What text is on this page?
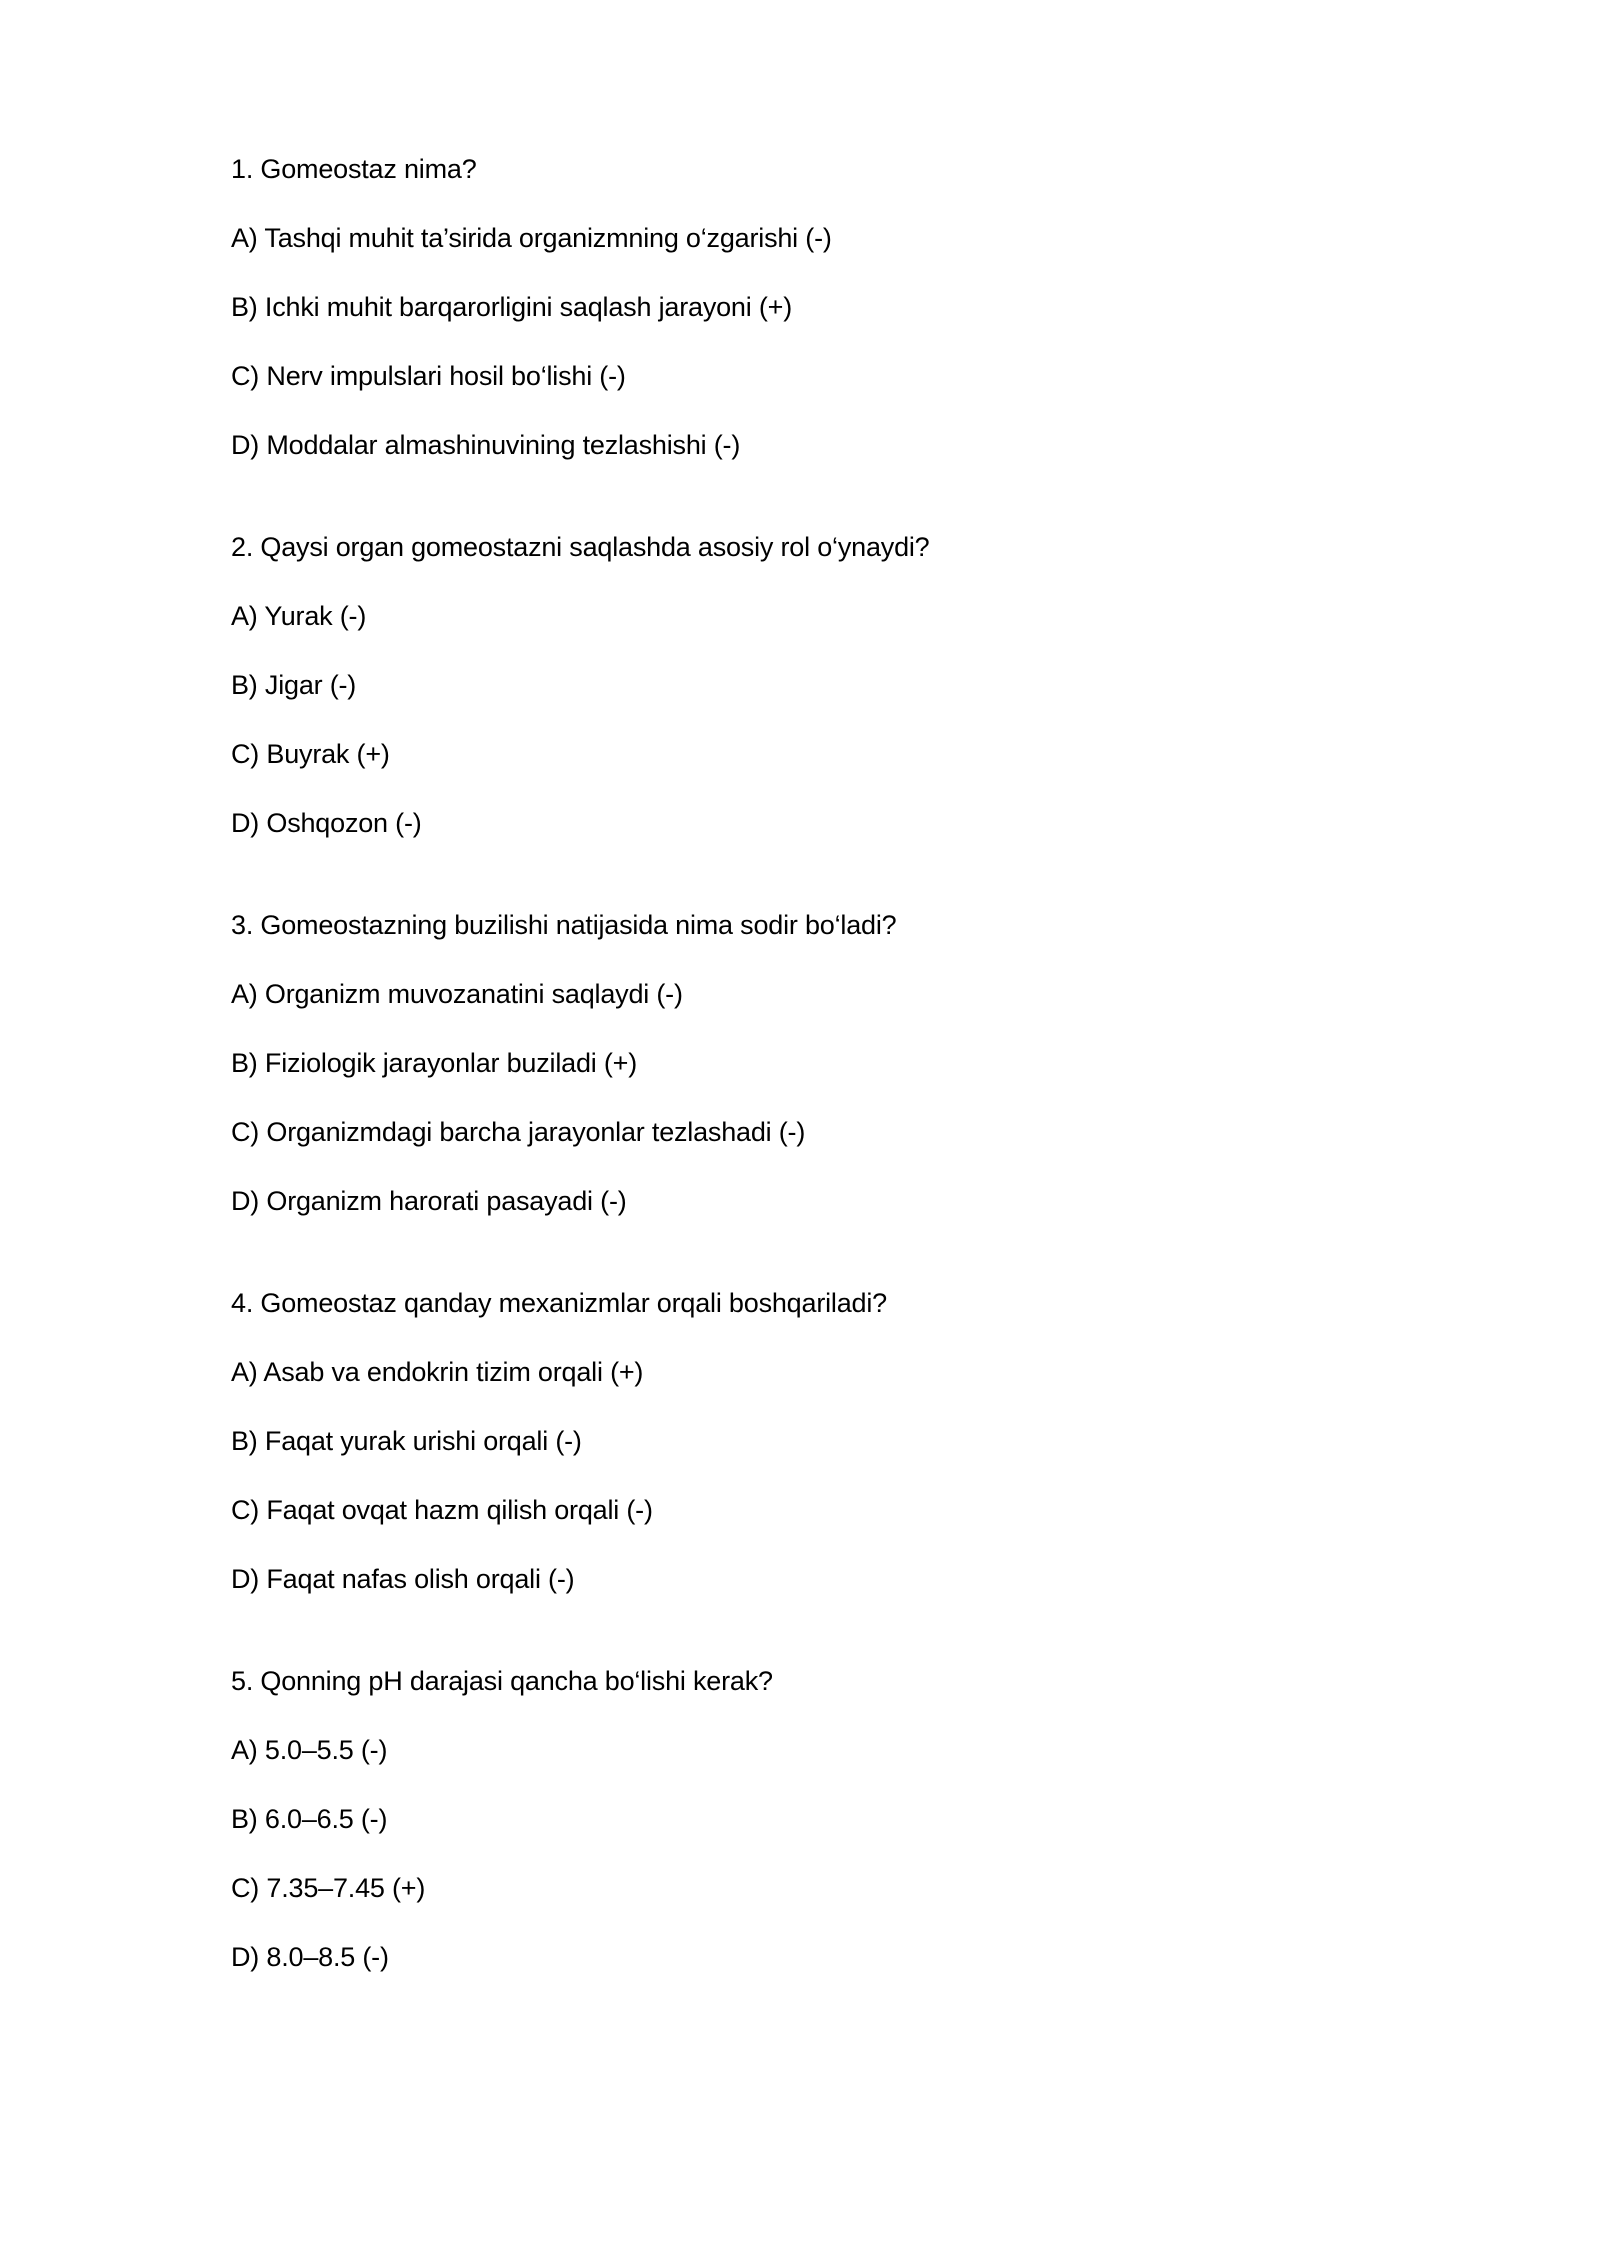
1. Gomeostaz nima?
A) Tashqi muhit ta’sirida organizmning o‘zgarishi (-)
B) Ichki muhit barqarorligini saqlash jarayoni (+)
C) Nerv impulslari hosil bo‘lishi (-)
D) Moddalar almashinuvining tezlashishi (-)
2. Qaysi organ gomeostazni saqlashda asosiy rol o‘ynaydi?
A) Yurak (-)
B) Jigar (-)
C) Buyrak (+)
D) Oshqozon (-)
3. Gomeostazning buzilishi natijasida nima sodir bo‘ladi?
A) Organizm muvozanatini saqlaydi (-)
B) Fiziologik jarayonlar buziladi (+)
C) Organizmdagi barcha jarayonlar tezlashadi (-)
D) Organizm harorati pasayadi (-)
4. Gomeostaz qanday mexanizmlar orqali boshqariladi?
A) Asab va endokrin tizim orqali (+)
B) Faqat yurak urishi orqali (-)
C) Faqat ovqat hazm qilish orqali (-)
D) Faqat nafas olish orqali (-)
5. Qonning pH darajasi qancha bo‘lishi kerak?
A) 5.0–5.5 (-)
B) 6.0–6.5 (-)
C) 7.35–7.45 (+)
D) 8.0–8.5 (-)
